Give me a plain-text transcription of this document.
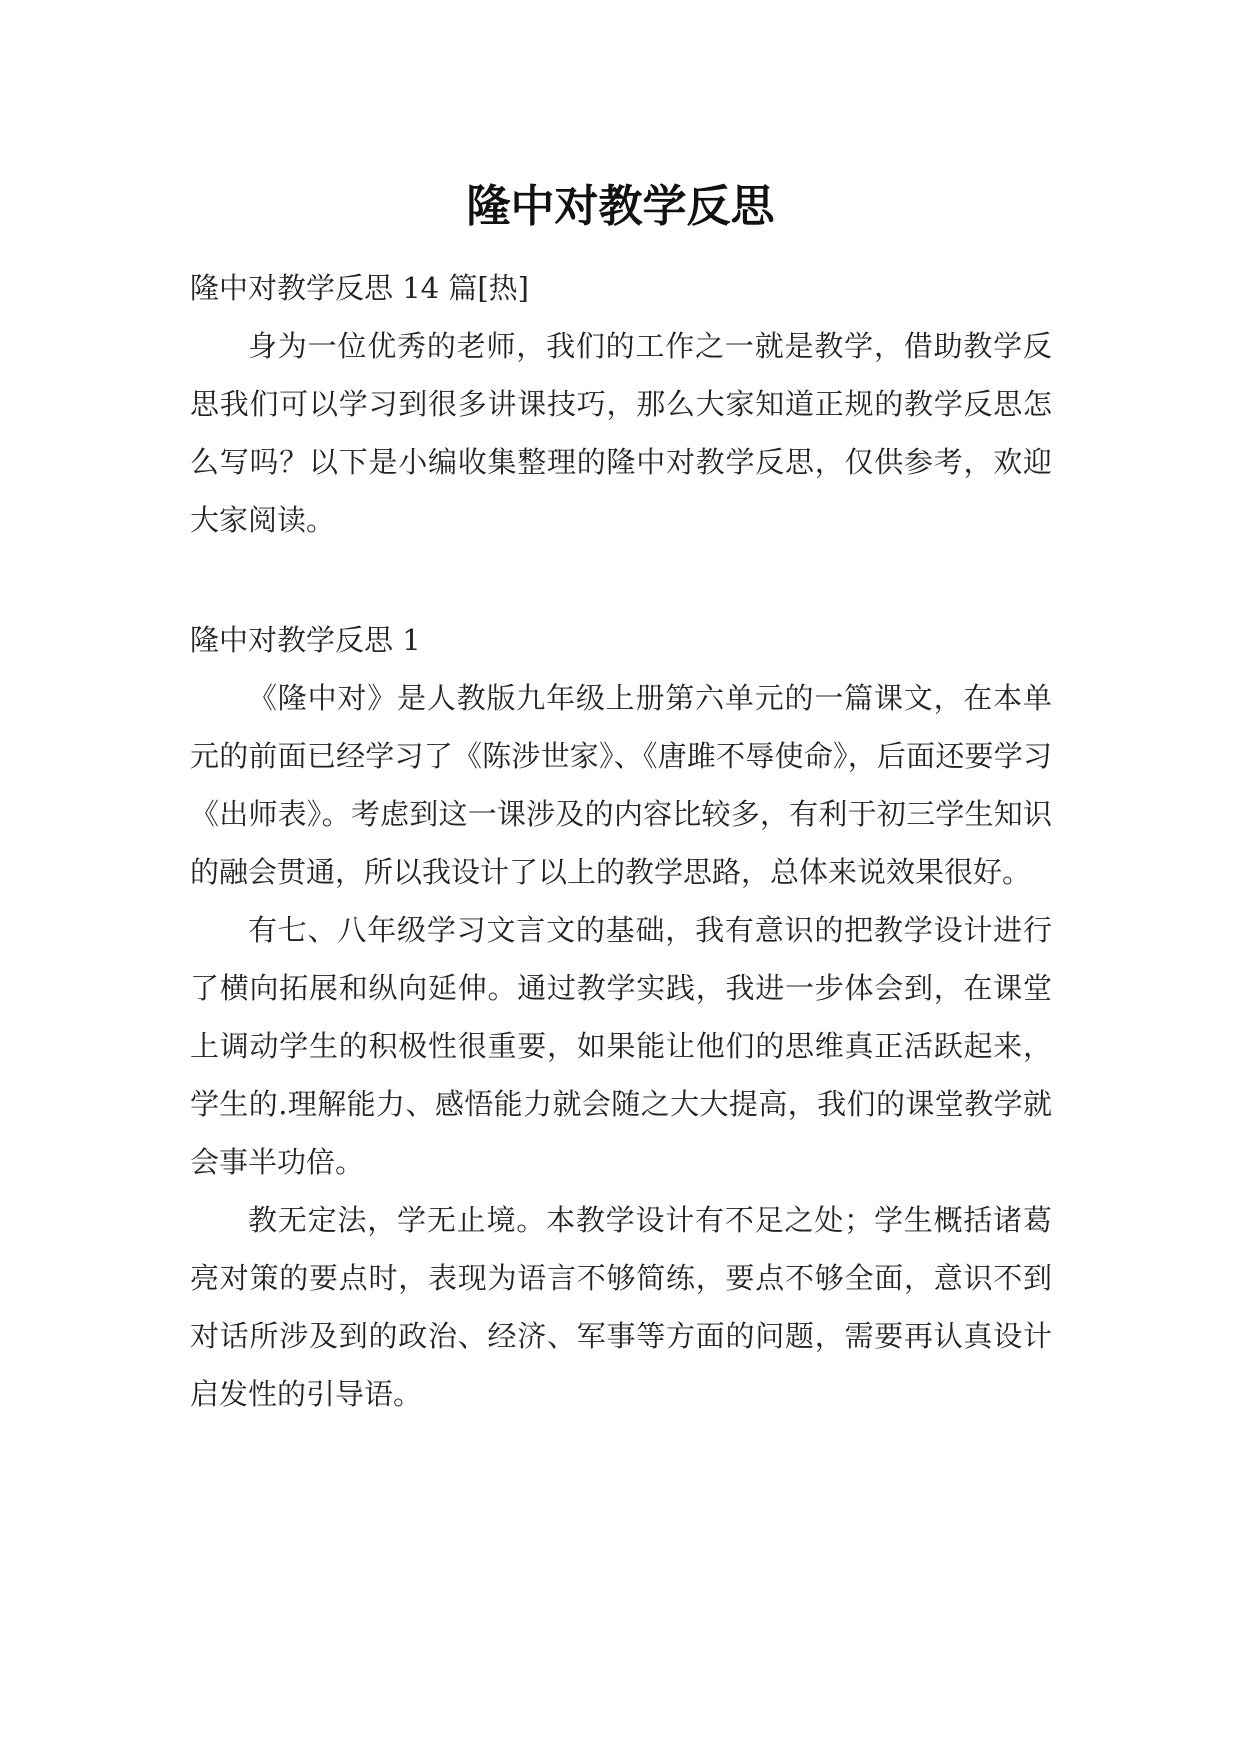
隆中对教学反思

隆中对教学反思 14 篇[热]

身为一位优秀的老师，我们的工作之一就是教学，借助教学反思我们可以学习到很多讲课技巧，那么大家知道正规的教学反思怎么写吗？以下是小编收集整理的隆中对教学反思，仅供参考，欢迎大家阅读。

隆中对教学反思 1

《隆中对》是人教版九年级上册第六单元的一篇课文，在本单元的前面已经学习了《陈涉世家》、《唐雎不辱使命》，后面还要学习《出师表》。考虑到这一课涉及的内容比较多，有利于初三学生知识的融会贯通，所以我设计了以上的教学思路，总体来说效果很好。

有七、八年级学习文言文的基础，我有意识的把教学设计进行了横向拓展和纵向延伸。通过教学实践，我进一步体会到，在课堂上调动学生的积极性很重要，如果能让他们的思维真正活跃起来，学生的.理解能力、感悟能力就会随之大大提高，我们的课堂教学就会事半功倍。

教无定法，学无止境。本教学设计有不足之处；学生概括诸葛亮对策的要点时，表现为语言不够简练，要点不够全面，意识不到对话所涉及到的政治、经济、军事等方面的问题，需要再认真设计启发性的引导语。
